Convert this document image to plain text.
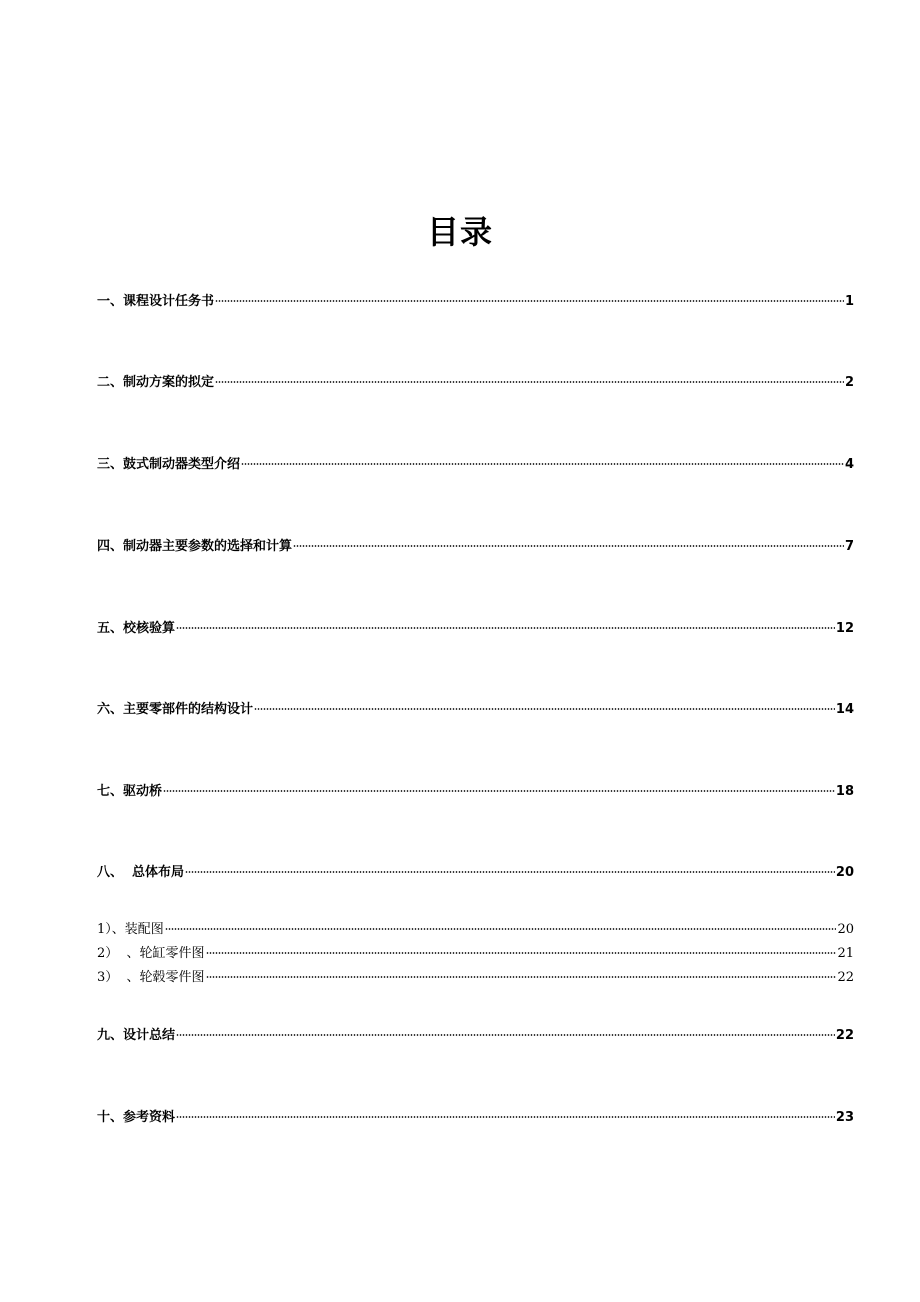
目录
一、课程设计任务书	1
二、制动方案的拟定	2
三、鼓式制动器类型介绍	4
四、制动器主要参数的选择和计算	7
五、校核验算	12
六、主要零部件的结构设计	14
七、驱动桥	18
八、  总体布局	20
1）、装配图	20
2）  、轮缸零件图	21
3）  、轮毂零件图	22
九、设计总结	22
十、参考资料	23
